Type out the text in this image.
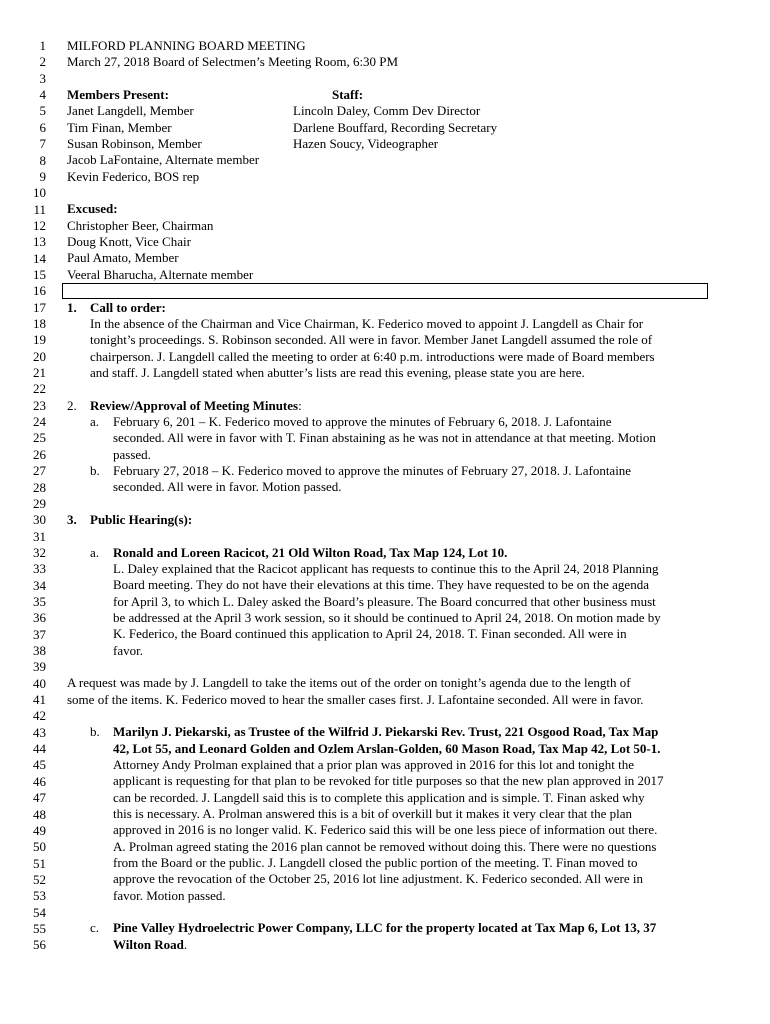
1
2
3
4
5
6
7
8
9
10
11
12
13
14
15
16
17
18
19
20
21
22
23
24
25
26
27
28
29
30
31
32
33
34
35
36
37
38
39
40
41
42
43
44
45
46
47
48
49
50
51
52
53
54
55
56
MILFORD PLANNING BOARD MEETING
March 27, 2018 Board of Selectmen’s Meeting Room, 6:30 PM
Members Present:	Staff:
Janet Langdell, Member
Tim Finan, Member
Susan Robinson, Member
Jacob LaFontaine, Alternate member
Kevin Federico, BOS rep
Lincoln Daley, Comm Dev Director
Darlene Bouffard, Recording Secretary
Hazen Soucy, Videographer
Excused:
Christopher Beer, Chairman
Doug Knott, Vice Chair
Paul Amato, Member
Veeral Bharucha, Alternate member
1. Call to order:
In the absence of the Chairman and Vice Chairman, K. Federico moved to appoint J. Langdell as Chair for
tonight’s proceedings. S. Robinson seconded. All were in favor. Member Janet Langdell assumed the role of
chairperson. J. Langdell called the meeting to order at 6:40 p.m. introductions were made of Board members
and staff. J. Langdell stated when abutter’s lists are read this evening, please state you are here.
2. Review/Approval of Meeting Minutes:
a. February 6, 201 – K. Federico moved to approve the minutes of February 6, 2018. J. Lafontaine
seconded. All were in favor with T. Finan abstaining as he was not in attendance at that meeting. Motion
passed.
b. February 27, 2018 – K. Federico moved to approve the minutes of February 27, 2018. J. Lafontaine
seconded. All were in favor. Motion passed.
3. Public Hearing(s):
a. Ronald and Loreen Racicot, 21 Old Wilton Road, Tax Map 124, Lot 10.
L. Daley explained that the Racicot applicant has requests to continue this to the April 24, 2018 Planning
Board meeting. They do not have their elevations at this time. They have requested to be on the agenda
for April 3, to which L. Daley asked the Board’s pleasure. The Board concurred that other business must
be addressed at the April 3 work session, so it should be continued to April 24, 2018. On motion made by
K. Federico, the Board continued this application to April 24, 2018. T. Finan seconded. All were in
favor.
A request was made by J. Langdell to take the items out of the order on tonight’s agenda due to the length of
some of the items. K. Federico moved to hear the smaller cases first. J. Lafontaine seconded. All were in favor.
b. Marilyn J. Piekarski, as Trustee of the Wilfrid J. Piekarski Rev. Trust, 221 Osgood Road, Tax Map
42, Lot 55, and Leonard Golden and Ozlem Arslan-Golden, 60 Mason Road, Tax Map 42, Lot 50-1.
Attorney Andy Prolman explained that a prior plan was approved in 2016 for this lot and tonight the
applicant is requesting for that plan to be revoked for title purposes so that the new plan approved in 2017
can be recorded. J. Langdell said this is to complete this application and is simple. T. Finan asked why
this is necessary. A. Prolman answered this is a bit of overkill but it makes it very clear that the plan
approved in 2016 is no longer valid. K. Federico said this will be one less piece of information out there.
A. Prolman agreed stating the 2016 plan cannot be removed without doing this. There were no questions
from the Board or the public. J. Langdell closed the public portion of the meeting. T. Finan moved to
approve the revocation of the October 25, 2016 lot line adjustment. K. Federico seconded. All were in
favor. Motion passed.
c. Pine Valley Hydroelectric Power Company, LLC for the property located at Tax Map 6, Lot 13, 37
Wilton Road.
